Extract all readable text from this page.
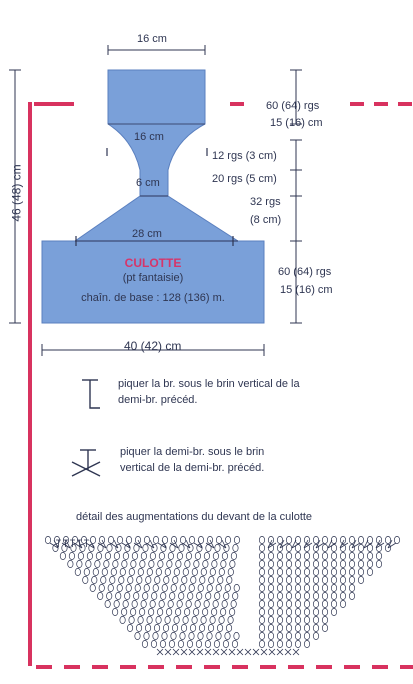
16 cm
16 cm
6 cm
28 cm
40 (42) cm
46 (48) cm
CULOTTE
(pt fantaisie)
chaîn. de base : 128 (136) m.
60 (64) rgs
15 (16) cm
12 rgs (3 cm)
20 rgs (5 cm)
32 rgs
(8 cm)
60 (64) rgs
15 (16) cm
piquer la br. sous le brin vertical de la
demi-br. précéd.
piquer la demi-br. sous le brin
vertical de la demi-br. précéd.
détail des augmentations du devant de la culotte
